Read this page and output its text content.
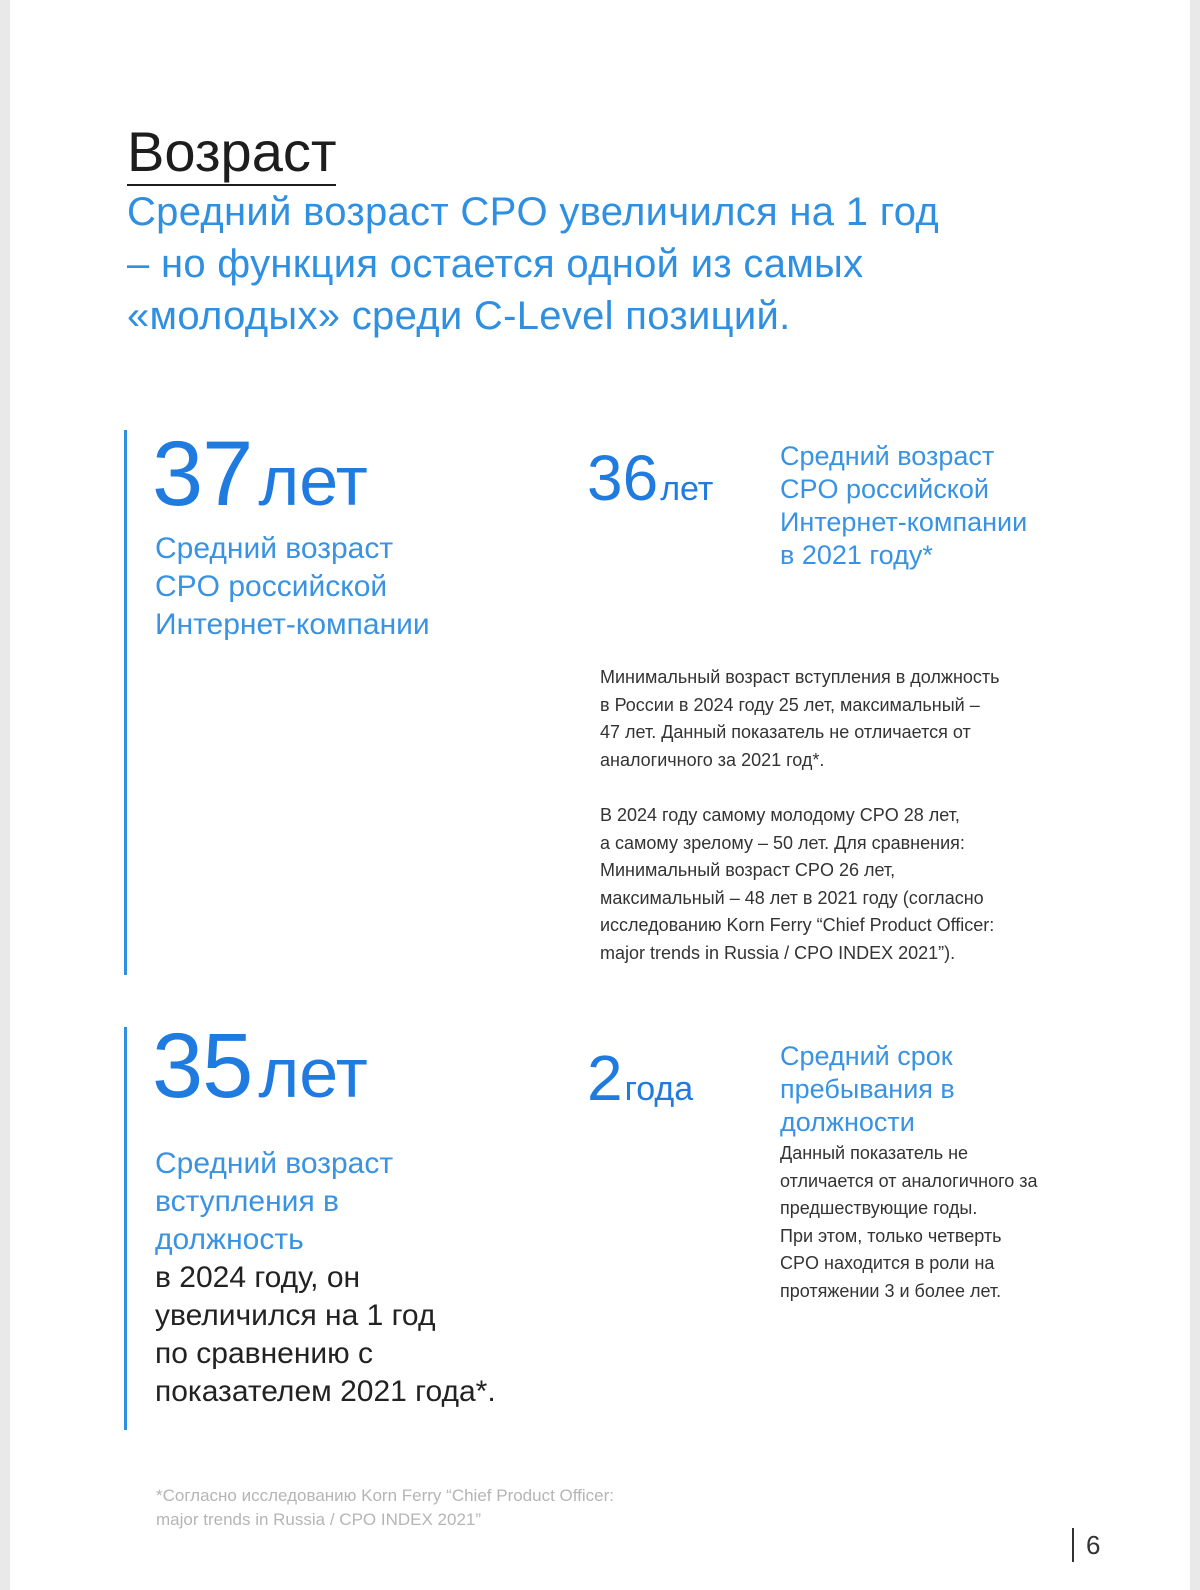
Возраст
Средний возраст CPO увеличился на 1 год
– но функция остается одной из самых
«молодых» среди C-Level позиций.
37лет
Средний возраст
CPO российской
Интернет-компании
36лет
Средний возраст
CPO российской
Интернет-компании
в 2021 году*
Минимальный возраст вступления в должность
в России в 2024 году 25 лет, максимальный –
47 лет. Данный показатель не отличается от
аналогичного за 2021 год*.
В 2024 году самому молодому CPO 28 лет,
а самому зрелому – 50 лет. Для сравнения:
Минимальный возраст CPO 26 лет,
максимальный – 48 лет в 2021 году (согласно
исследованию Korn Ferry “Chief Product Officer:
major trends in Russia / CPO INDEX 2021”).
35лет
Средний возраст
вступления в
должность
в 2024 году, он
увеличился на 1 год
по сравнению с
показателем 2021 года*.
2года
Средний срок
пребывания в
должности
Данный показатель не
отличается от аналогичного за
предшествующие годы.
При этом, только четверть
CPO находится в роли на
протяжении 3 и более лет.
*Согласно исследованию Korn Ferry “Chief Product Officer:
major trends in Russia / CPO INDEX 2021”
6
